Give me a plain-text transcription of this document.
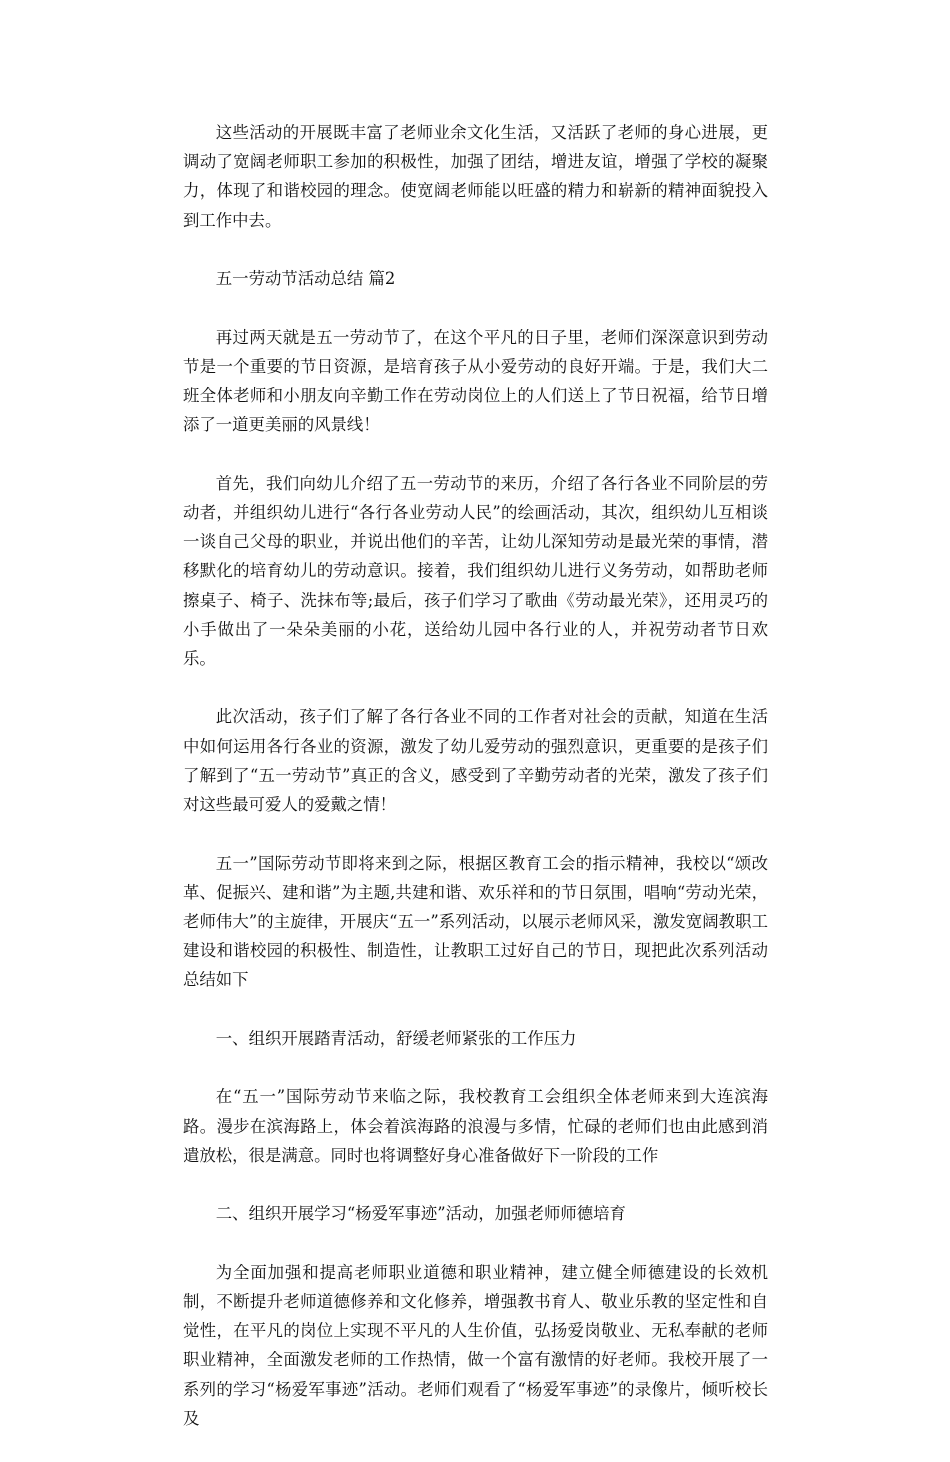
这些活动的开展既丰富了老师业余文化生活，又活跃了老师的身心进展，更调动了宽阔老师职工参加的积极性，加强了团结，增进友谊，增强了学校的凝聚力，体现了和谐校园的理念。使宽阔老师能以旺盛的精力和崭新的精神面貌投入到工作中去。

五一劳动节活动总结 篇2

再过两天就是五一劳动节了，在这个平凡的日子里，老师们深深意识到劳动节是一个重要的节日资源，是培育孩子从小爱劳动的良好开端。于是，我们大二班全体老师和小朋友向辛勤工作在劳动岗位上的人们送上了节日祝福，给节日增添了一道更美丽的风景线！

首先，我们向幼儿介绍了五一劳动节的来历，介绍了各行各业不同阶层的劳动者，并组织幼儿进行“各行各业劳动人民”的绘画活动，其次，组织幼儿互相谈一谈自己父母的职业，并说出他们的辛苦，让幼儿深知劳动是最光荣的事情，潜移默化的培育幼儿的劳动意识。接着，我们组织幼儿进行义务劳动，如帮助老师擦桌子、椅子、洗抹布等;最后，孩子们学习了歌曲《劳动最光荣》，还用灵巧的小手做出了一朵朵美丽的小花，送给幼儿园中各行业的人，并祝劳动者节日欢乐。

此次活动，孩子们了解了各行各业不同的工作者对社会的贡献，知道在生活中如何运用各行各业的资源，激发了幼儿爱劳动的强烈意识，更重要的是孩子们了解到了“五一劳动节”真正的含义，感受到了辛勤劳动者的光荣，激发了孩子们对这些最可爱人的爱戴之情！

五一”国际劳动节即将来到之际，根据区教育工会的指示精神，我校以“颂改革、促振兴、建和谐”为主题,共建和谐、欢乐祥和的节日氛围，唱响“劳动光荣，老师伟大”的主旋律，开展庆“五一”系列活动，以展示老师风采，激发宽阔教职工建设和谐校园的积极性、制造性，让教职工过好自己的节日，现把此次系列活动总结如下

一、组织开展踏青活动，舒缓老师紧张的工作压力

在“五一”国际劳动节来临之际，我校教育工会组织全体老师来到大连滨海路。漫步在滨海路上，体会着滨海路的浪漫与多情，忙碌的老师们也由此感到消遣放松，很是满意。同时也将调整好身心准备做好下一阶段的工作

二、组织开展学习“杨爱军事迹”活动，加强老师师德培育

为全面加强和提高老师职业道德和职业精神，建立健全师德建设的长效机制，不断提升老师道德修养和文化修养，增强教书育人、敬业乐教的坚定性和自觉性，在平凡的岗位上实现不平凡的人生价值，弘扬爱岗敬业、无私奉献的老师职业精神，全面激发老师的工作热情，做一个富有激情的好老师。我校开展了一系列的学习“杨爱军事迹”活动。老师们观看了“杨爱军事迹”的录像片，倾听校长及
